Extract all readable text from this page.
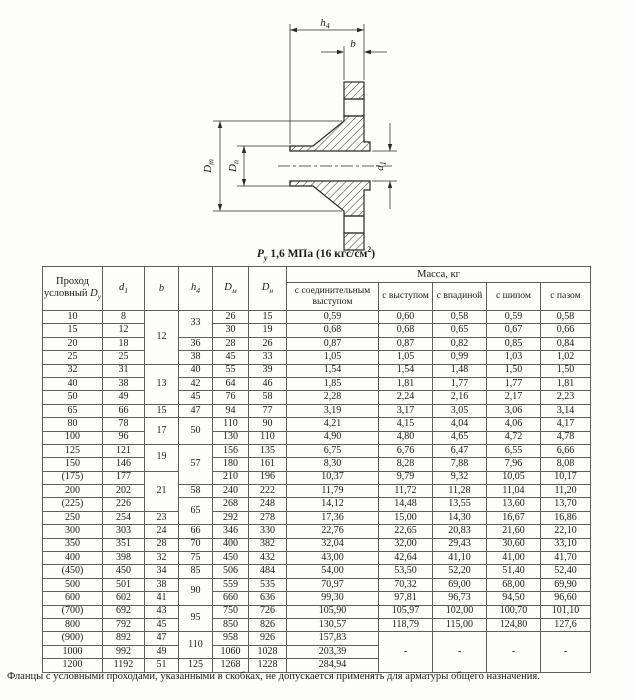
$h_4$
b
$D_m$
$D_n$
$d_1$
$Р_у$ 1,6 МПа (16 кгс/$см^2$)
Проход условный $D_у$	$d_1$	b	$h_4$	$D_м$	$D_н$	Масса, кг				
						с соединительным выступом	с выступом	с впадиной	с шипом	с пазом
10	8	12	33	26	15	0,59	0,60	0,58	0,59	0,58
15	12			30	19	0,68	0,68	0,65	0,67	0,66
20	18		36	28	26	0,87	0,87	0,82	0,85	0,84
25	25		38	45	33	1,05	1,05	0,99	1,03	1,02
32	31	13	40	55	39	1,54	1,54	1,48	1,50	1,50
40	38		42	64	46	1,85	1,81	1,77	1,77	1,81
50	49		45	76	58	2,28	2,24	2,16	2,17	2,23
65	66	15	47	94	77	3,19	3,17	3,05	3,06	3,14
80	78	17	50	110	90	4,21	4,15	4,04	4,06	4,17
100	96			130	110	4,90	4,80	4,65	4,72	4,78
125	121	19	57	156	135	6,75	6,76	6,47	6,55	6,66
150	146			180	161	8,30	8,28	7,88	7,96	8,08
(175)	177	21		210	196	10,37	9,79	9,32	10,05	10,17
200	202		58	240	222	11,79	11,72	11,28	11,04	11,20
(225)	226		65	268	248	14,12	14,48	13,55	13,60	13,70
250	254	23		292	278	17,36	15,00	14,30	16,67	16,86
300	303	24	66	346	330	22,76	22,65	20,83	21,60	22,10
350	351	28	70	400	382	32,04	32,00	29,43	30,60	33,10
400	398	32	75	450	432	43,00	42,64	41,10	41,00	41,70
(450)	450	34	85	506	484	54,00	53,50	52,20	51,40	52,40
500	501	38	90	559	535	70,97	70,32	69,00	68,00	69,90
600	602	41		660	636	99,30	97,81	96,73	94,50	96,60
(700)	692	43	95	750	726	105,90	105,97	102,00	100,70	101,10
800	792	45		850	826	130,57	118,79	115,00	124,80	127,6
(900)	892	47	110	958	926	157,83	-	-	-	-
1000	992	49		1060	1028	203,39				
1200	1192	51	125	1268	1228	284,94				
Фланцы с условными проходами, указанными в скобках, не допускается применять для арматуры общего назначения.
